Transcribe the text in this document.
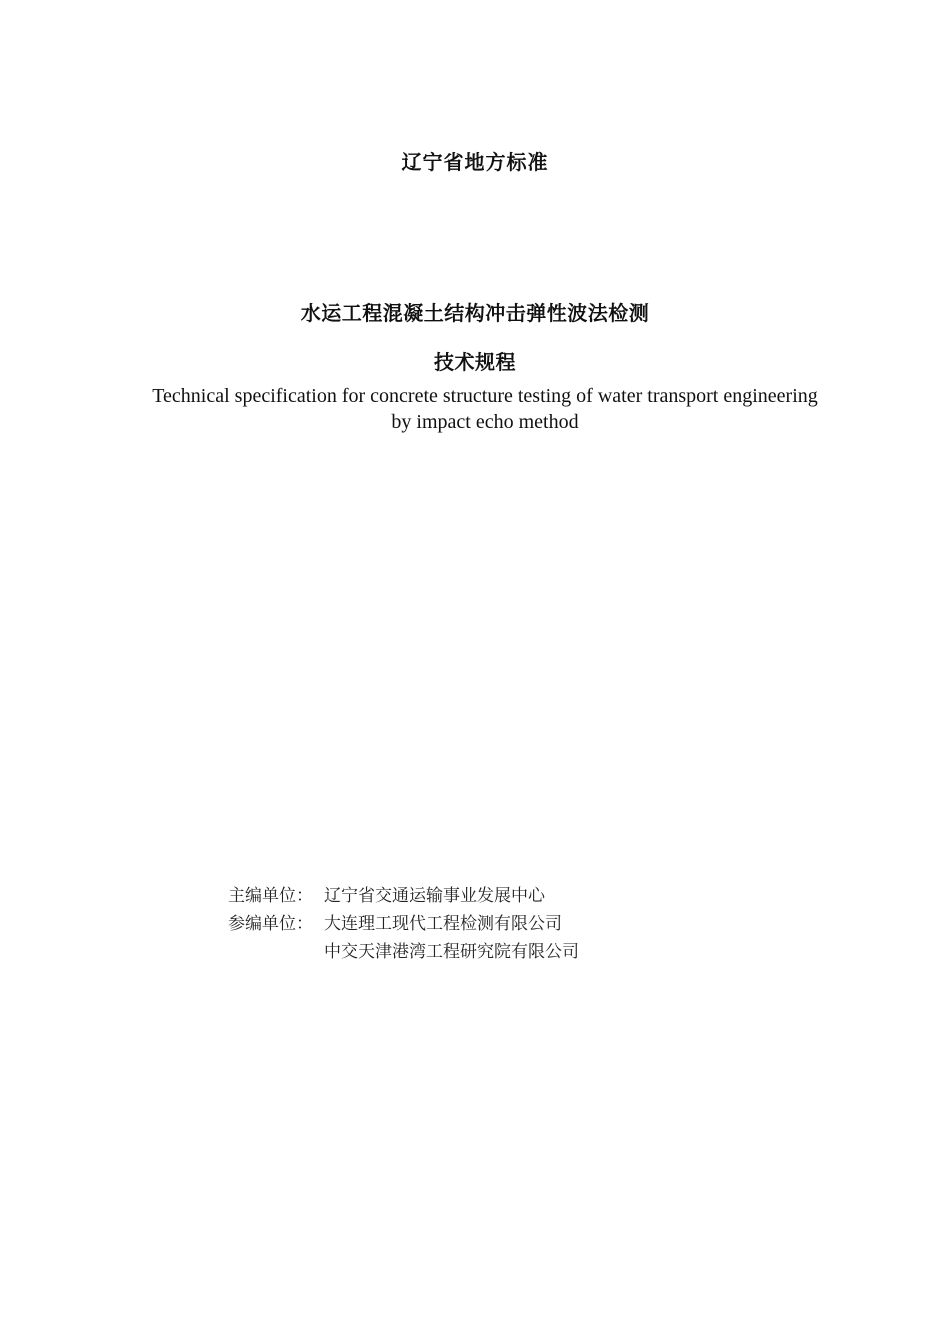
辽宁省地方标准
水运工程混凝土结构冲击弹性波法检测
技术规程
Technical specification for concrete structure testing of water transport engineering
by impact echo method
主编单位： 辽宁省交通运输事业发展中心
参编单位： 大连理工现代工程检测有限公司
中交天津港湾工程研究院有限公司
